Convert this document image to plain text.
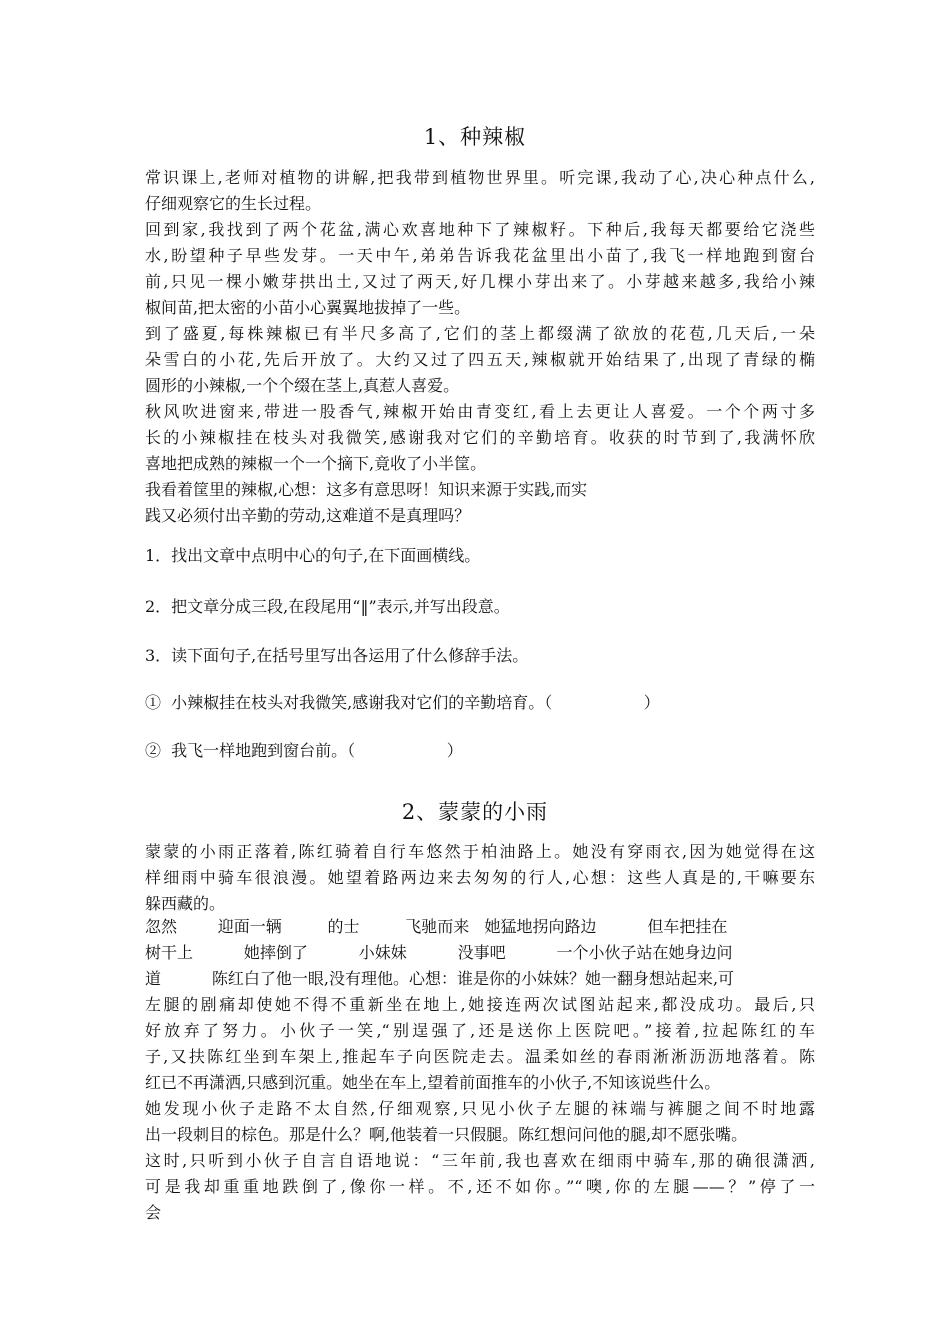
1、种辣椒
常识课上,老师对植物的讲解,把我带到植物世界里。听完课,我动了心,决心种点什么,
仔细观察它的生长过程。
回到家,我找到了两个花盆,满心欢喜地种下了辣椒籽。下种后,我每天都要给它浇些
水,盼望种子早些发芽。一天中午,弟弟告诉我花盆里出小苗了,我飞一样地跑到窗台
前,只见一棵小嫩芽拱出土,又过了两天,好几棵小芽出来了。小芽越来越多,我给小辣
椒间苗,把太密的小苗小心翼翼地拔掉了一些。
到了盛夏,每株辣椒已有半尺多高了,它们的茎上都缀满了欲放的花苞,几天后,一朵
朵雪白的小花,先后开放了。大约又过了四五天,辣椒就开始结果了,出现了青绿的椭
圆形的小辣椒,一个个缀在茎上,真惹人喜爱。
秋风吹进窗来,带进一股香气,辣椒开始由青变红,看上去更让人喜爱。一个个两寸多
长的小辣椒挂在枝头对我微笑,感谢我对它们的辛勤培育。收获的时节到了,我满怀欣
喜地把成熟的辣椒一个一个摘下,竟收了小半筐。
我看着筐里的辣椒,心想：这多有意思呀！知识来源于实践,而实
践又必须付出辛勤的劳动,这难道不是真理吗？
1．找出文章中点明中心的句子,在下面画横线。
2．把文章分成三段,在段尾用“‖”表示,并写出段意。
3．读下面句子,在括号里写出各运用了什么修辞手法。
①  小辣椒挂在枝头对我微笑,感谢我对它们的辛勤培育。（                  ）
②  我飞一样地跑到窗台前。（                  ）
2、蒙蒙的小雨
蒙蒙的小雨正落着,陈红骑着自行车悠然于柏油路上。她没有穿雨衣,因为她觉得在这
样细雨中骑车很浪漫。她望着路两边来去匆匆的行人,心想：这些人真是的,干嘛要东
躲西藏的。
忽然        迎面一辆         的士         飞驰而来   她猛地拐向路边          但车把挂在
树干上          她摔倒了          小妹妹          没事吧          一个小伙子站在她身边问
道          陈红白了他一眼,没有理他。心想：谁是你的小妹妹？她一翻身想站起来,可
左腿的剧痛却使她不得不重新坐在地上,她接连两次试图站起来,都没成功。最后,只
好放弃了努力。小伙子一笑,“别逞强了,还是送你上医院吧。”接着,拉起陈红的车
子,又扶陈红坐到车架上,推起车子向医院走去。温柔如丝的春雨淅淅沥沥地落着。陈
红已不再潇洒,只感到沉重。她坐在车上,望着前面推车的小伙子,不知该说些什么。
她发现小伙子走路不太自然,仔细观察,只见小伙子左腿的袜端与裤腿之间不时地露
出一段刺目的棕色。那是什么？啊,他装着一只假腿。陈红想问问他的腿,却不愿张嘴。
这时,只听到小伙子自言自语地说：“三年前,我也喜欢在细雨中骑车,那的确很潇洒,
可是我却重重地跌倒了,像你一样。不,还不如你。”“噢,你的左腿——？”停了一
会
